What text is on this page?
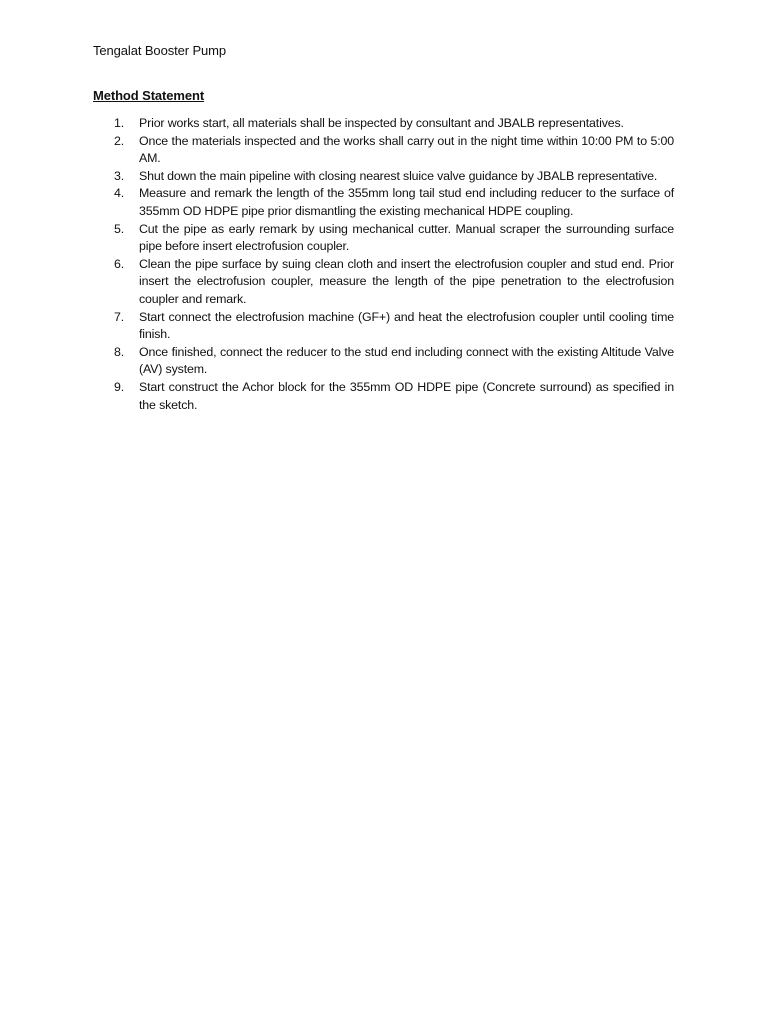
Tengalat Booster Pump
Method Statement
1.	Prior works start, all materials shall be inspected by consultant and JBALB representatives.
2.	Once the materials inspected and the works shall carry out in the night time within 10:00 PM to 5:00 AM.
3.	Shut down the main pipeline with closing nearest sluice valve guidance by JBALB representative.
4.	Measure and remark the length of the 355mm long tail stud end including reducer to the surface of 355mm OD HDPE pipe prior dismantling the existing mechanical HDPE coupling.
5.	Cut the pipe as early remark by using mechanical cutter. Manual scraper the surrounding surface pipe before insert electrofusion coupler.
6.	Clean the pipe surface by suing clean cloth and insert the electrofusion coupler and stud end. Prior insert the electrofusion coupler, measure the length of the pipe penetration to the electrofusion coupler and remark.
7.	Start connect the electrofusion machine (GF+) and heat the electrofusion coupler until cooling time finish.
8.	Once finished, connect the reducer to the stud end including connect with the existing Altitude Valve (AV) system.
9.	Start construct the Achor block for the 355mm OD HDPE pipe (Concrete surround) as specified in the sketch.
